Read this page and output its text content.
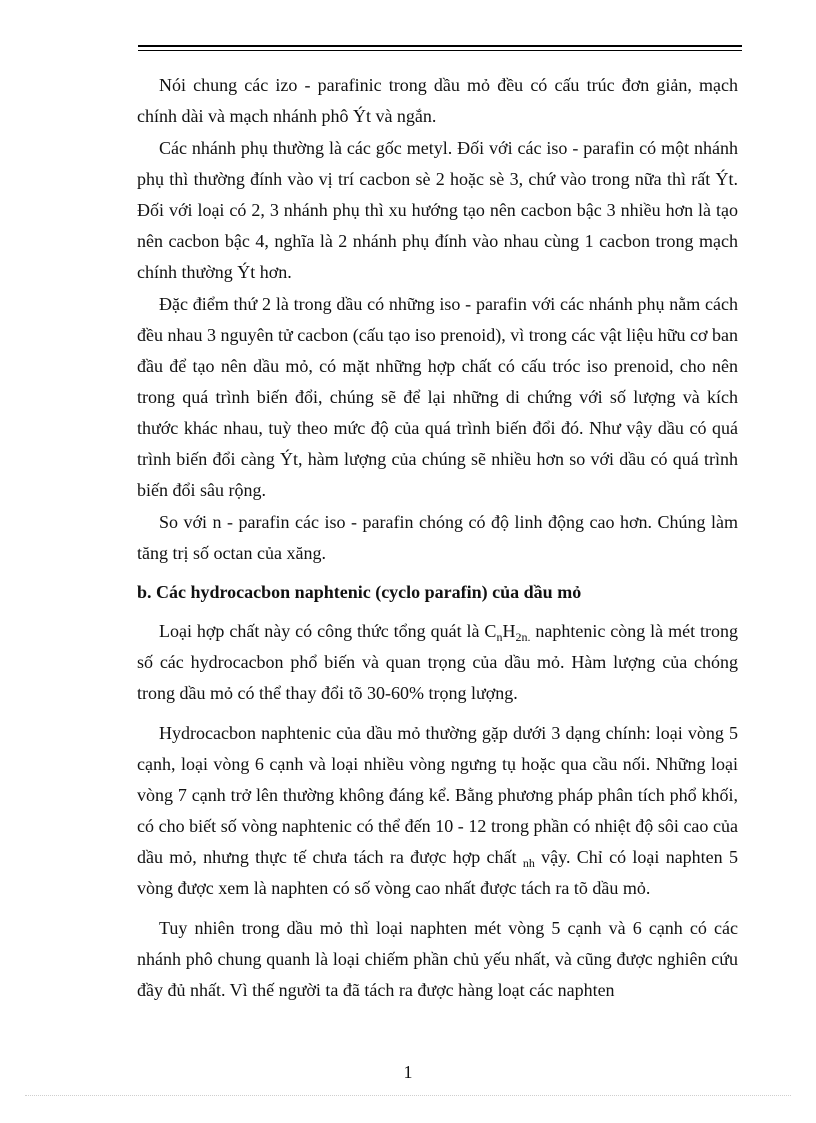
Nói chung các izo - parafinic trong dầu mỏ đều có cấu trúc đơn giản, mạch chính dài và mạch nhánh phô Ýt và ngắn.

Các nhánh phụ thường là các gốc metyl. Đối với các iso - parafin có một nhánh phụ thì thường đính vào vị trí cacbon sè 2 hoặc sè 3, chứ vào trong nữa thì rất Ýt. Đối với loại có 2, 3 nhánh phụ thì xu hướng tạo nên cacbon bậc 3 nhiều hơn là tạo nên cacbon bậc 4, nghĩa là 2 nhánh phụ đính vào nhau cùng 1 cacbon trong mạch chính thường Ýt hơn.

Đặc điểm thứ 2 là trong dầu có những iso - parafin với các nhánh phụ nằm cách đều nhau 3 nguyên tử cacbon (cấu tạo iso prenoid), vì trong các vật liệu hữu cơ ban đầu để tạo nên dầu mỏ, có mặt những hợp chất có cấu tróc iso prenoid, cho nên trong quá trình biến đổi, chúng sẽ để lại những di chứng với số lượng và kích thước khác nhau, tuỳ theo mức độ của quá trình biến đổi đó. Như vậy dầu có quá trình biến đổi càng Ýt, hàm lượng của chúng sẽ nhiều hơn so với dầu có quá trình biến đổi sâu rộng.

So với n - parafin các iso - parafin chóng có độ linh động cao hơn. Chúng làm tăng trị số octan của xăng.

b. Các hydrocacbon naphtenic (cyclo parafin) của dầu mỏ

Loại hợp chất này có công thức tổng quát là $C_nH_{2n.}$ naphtenic còng là mét trong số các hydrocacbon phổ biến và quan trọng của dầu mỏ. Hàm lượng của chóng trong dầu mỏ có thể thay đổi tõ 30-60% trọng lượng.

Hydrocacbon naphtenic của dầu mỏ thường gặp dưới 3 dạng chính: loại vòng 5 cạnh, loại vòng 6 cạnh và loại nhiều vòng ngưng tụ hoặc qua cầu nối. Những loại vòng 7 cạnh trở lên thường không đáng kể. Bằng phương pháp phân tích phổ khối, có cho biết số vòng naphtenic có thể đến 10 - 12 trong phần có nhiệt độ sôi cao của dầu mỏ, nhưng thực tế chưa tách ra được hợp chất $_{nh}$ vậy. Chỉ có loại naphten 5 vòng được xem là naphten có số vòng cao nhất được tách ra tõ dầu mỏ.

Tuy nhiên trong dầu mỏ thì loại naphten mét vòng 5 cạnh và 6 cạnh có các nhánh phô chung quanh là loại chiếm phần chủ yếu nhất, và cũng được nghiên cứu đầy đủ nhất. Vì thế người ta đã tách ra được hàng loạt các naphten

1
